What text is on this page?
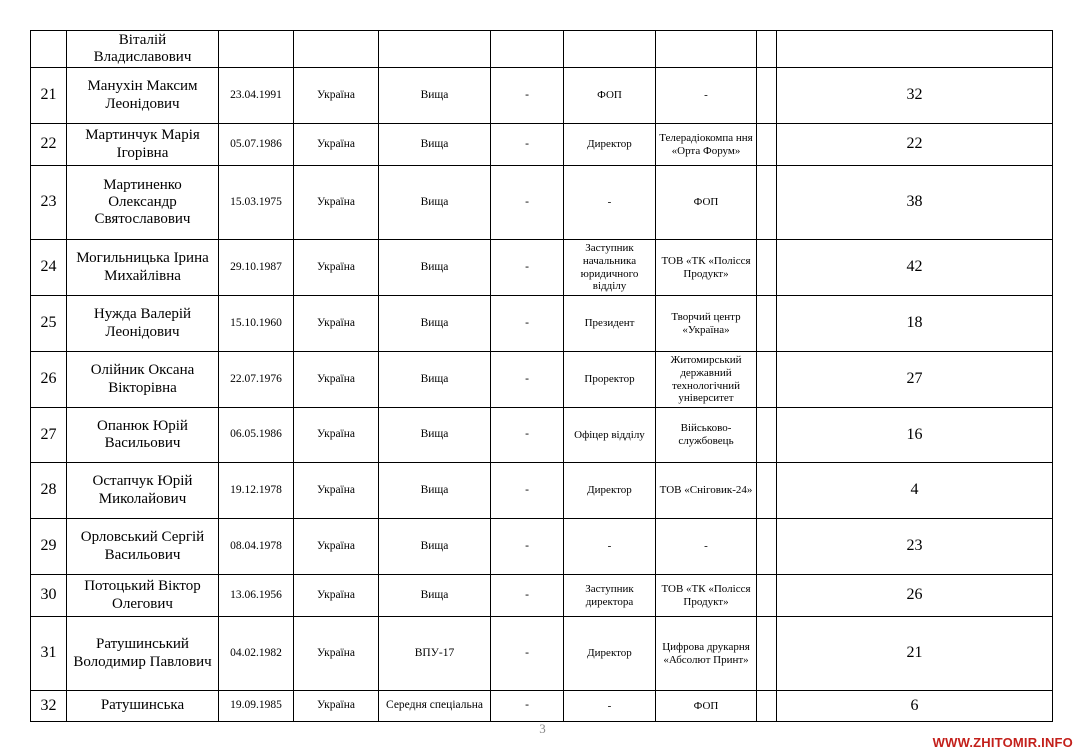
	Віталій
Владиславович								
21	Манухін Максим Леонідович	23.04.1991	Україна	Вища	-	ФОП	-		32
22	Мартинчук Марія Ігорівна	05.07.1986	Україна	Вища	-	Директор	Телерадіокомпа ння «Орта Форум»		22
23	Мартиненко Олександр Святославович	15.03.1975	Україна	Вища	-	-	ФОП		38
24	Могильницька Ірина Михайлівна	29.10.1987	Україна	Вища	-	Заступник начальника юридичного відділу	ТОВ «ТК «Полісся Продукт»		42
25	Нужда Валерій Леонідович	15.10.1960	Україна	Вища	-	Президент	Творчий центр «Україна»		18
26	Олійник Оксана Вікторівна	22.07.1976	Україна	Вища	-	Проректор	Житомирський державний технологічний університет		27
27	Опанюк Юрій Васильович	06.05.1986	Україна	Вища	-	Офіцер відділу	Військово-службовець		16
28	Остапчук Юрій Миколайович	19.12.1978	Україна	Вища	-	Директор	ТОВ «Сніговик-24»		4
29	Орловський Сергій Васильович	08.04.1978	Україна	Вища	-	-	-		23
30	Потоцький Віктор Олегович	13.06.1956	Україна	Вища	-	Заступник директора	ТОВ «ТК «Полісся Продукт»		26
31	Ратушинський Володимир Павлович	04.02.1982	Україна	ВПУ-17	-	Директор	Цифрова друкарня «Абсолют Принт»		21
32	Ратушинська	19.09.1985	Україна	Середня спеціальна	-	-	ФОП		6
3
WWW.ZHITOMIR.INFO
